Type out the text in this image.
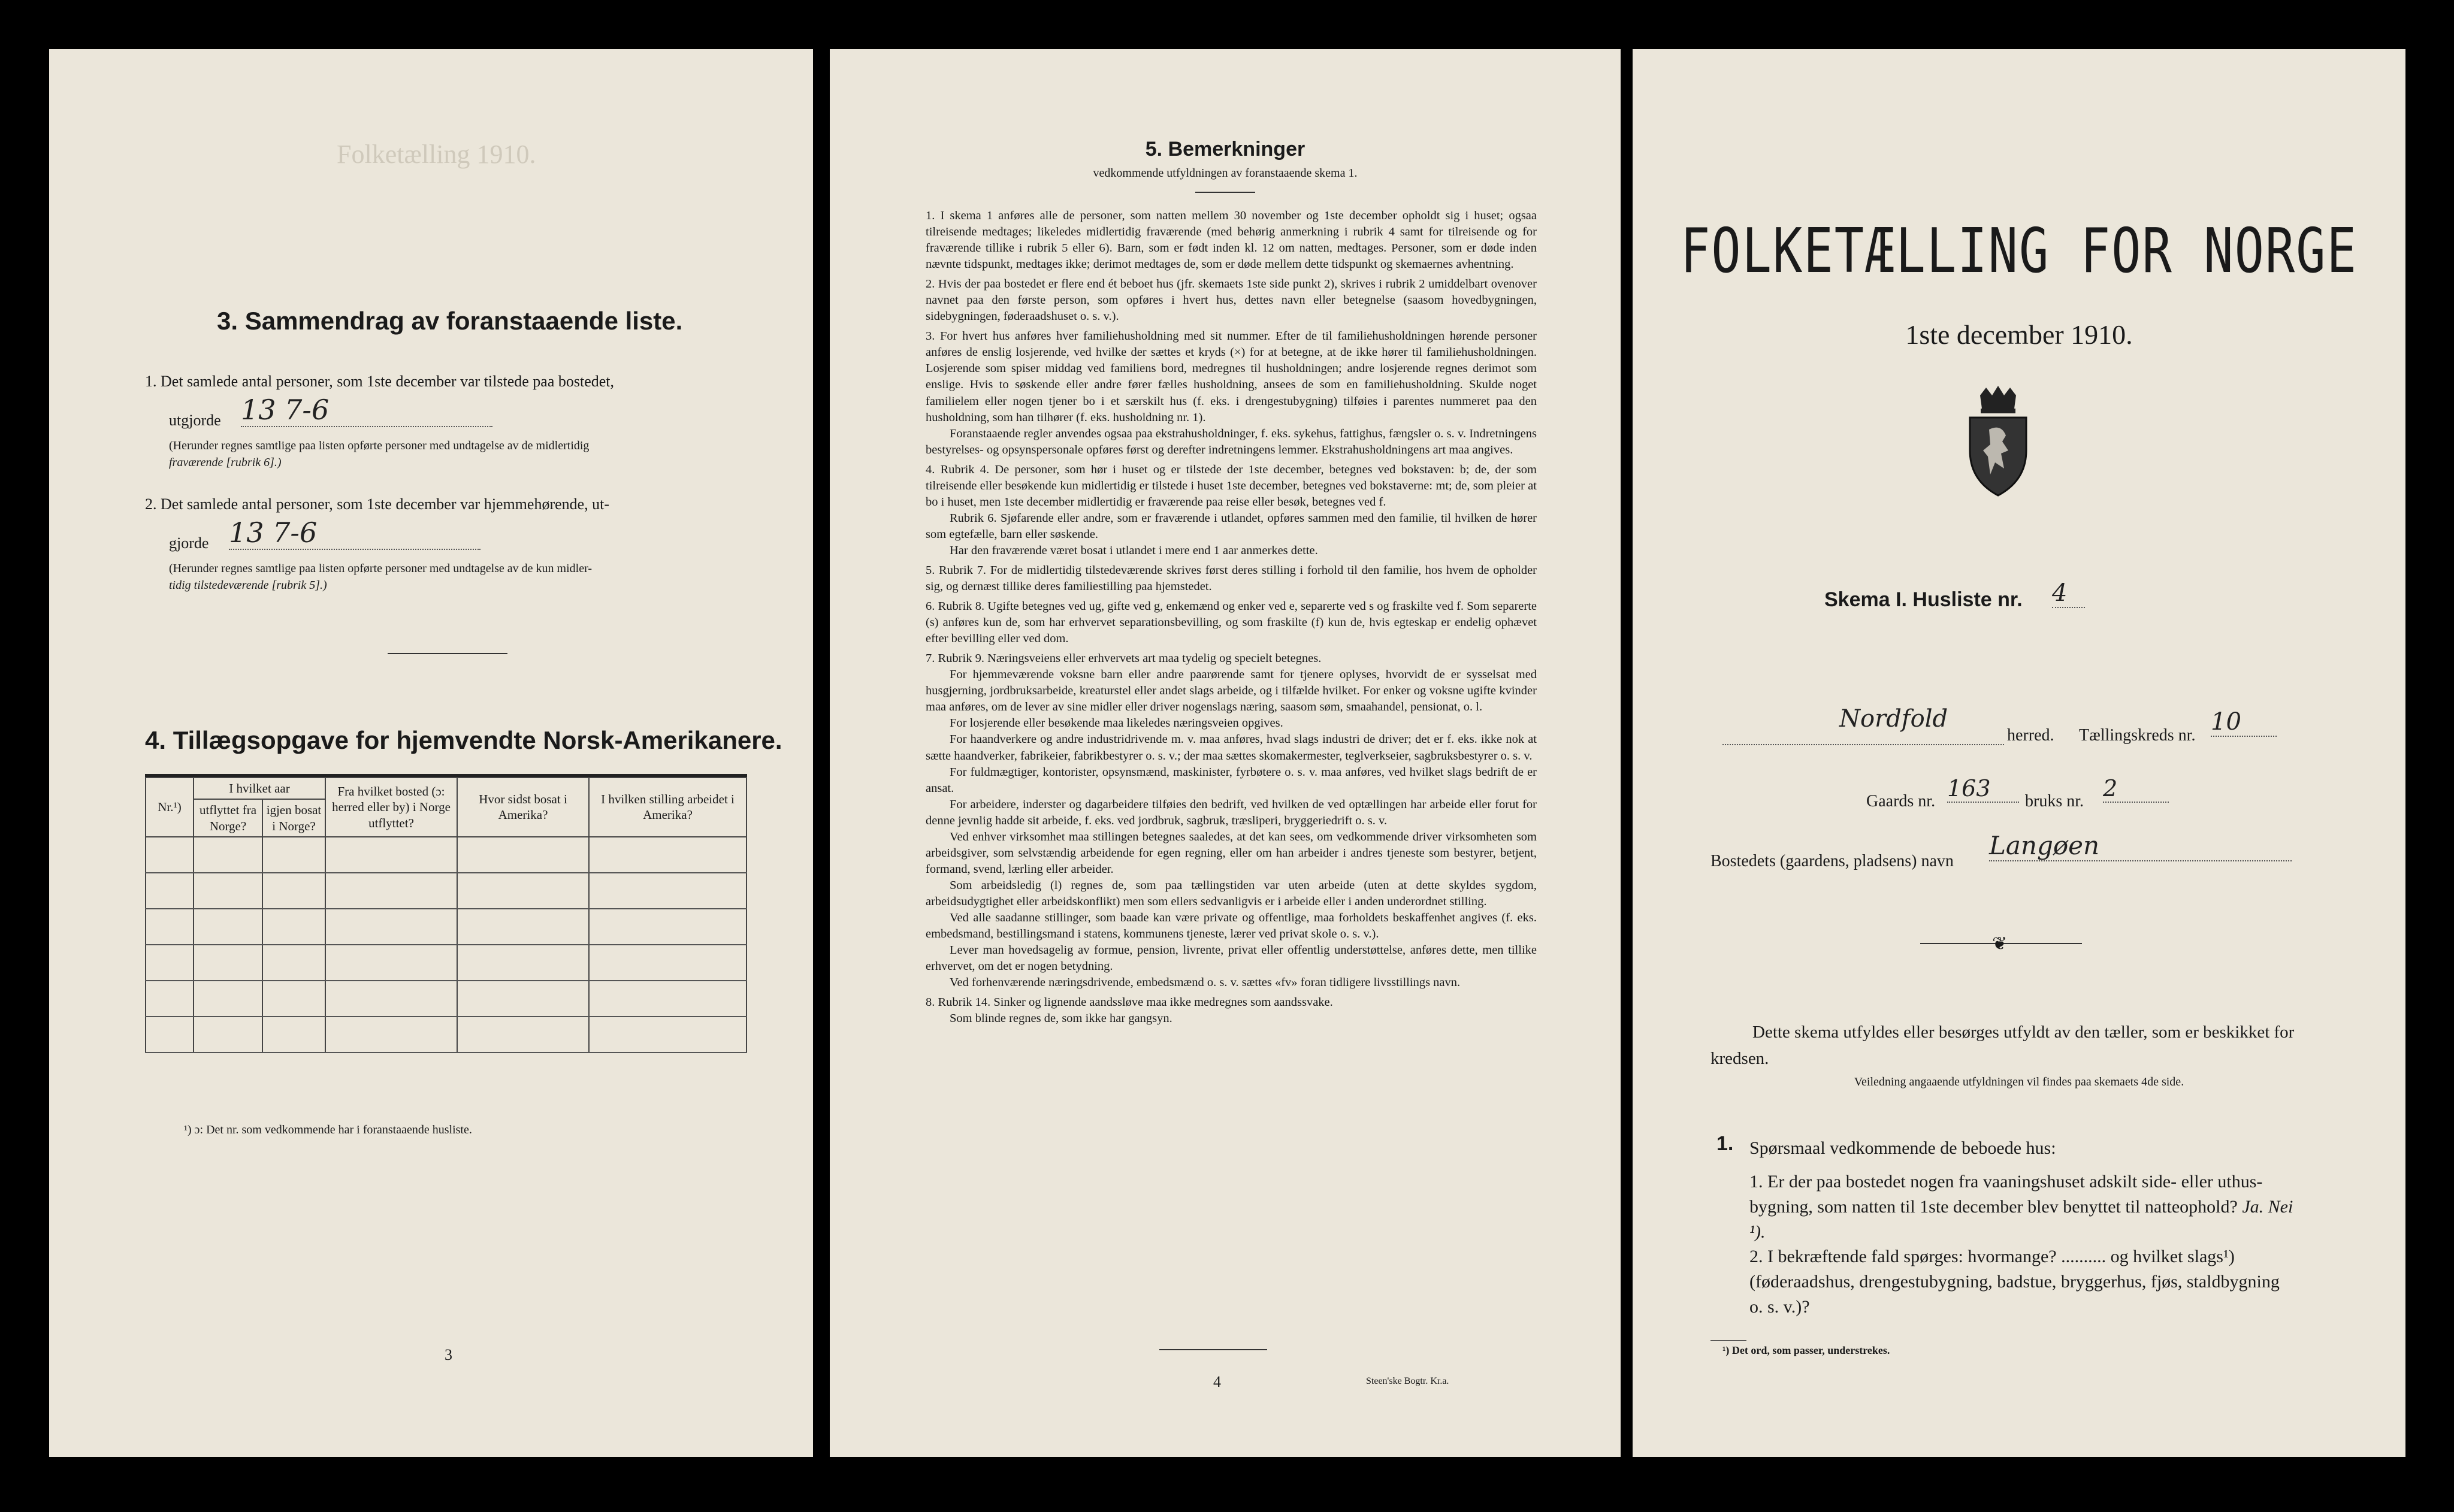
Folketælling 1910.
3. Sammendrag av foranstaaende liste.
1. Det samlede antal personer, som 1ste december var tilstede paa bostedet,
utgjorde 13 7-6
(Herunder regnes samtlige paa listen opførte personer med undtagelse av de midlertidig
fraværende [rubrik 6].)
2. Det samlede antal personer, som 1ste december var hjemmehørende, ut-
gjorde 13 7-6
(Herunder regnes samtlige paa listen opførte personer med undtagelse av de kun midler-
tidig tilstedeværende [rubrik 5].)
4. Tillægsopgave for hjemvendte Norsk-Amerikanere.
Nr.¹)	I hvilket aar		Fra hvilket bosted (ɔ: herred eller by) i Norge utflyttet?	Hvor sidst bosat i Amerika?	I hvilken stilling arbeidet i Amerika?
	utflyttet fra Norge?	igjen bosat i Norge?			

¹) ɔ: Det nr. som vedkommende har i foranstaaende husliste.
3
5. Bemerkninger
vedkommende utfyldningen av foranstaaende skema 1.
1. I skema 1 anføres alle de personer, som natten mellem 30 november og 1ste december opholdt sig i huset; ogsaa tilreisende medtages; likeledes midlertidig fraværende (med behørig anmerkning i rubrik 4 samt for tilreisende og for fraværende tillike i rubrik 5 eller 6). Barn, som er født inden kl. 12 om natten, medtages. Personer, som er døde inden nævnte tidspunkt, medtages ikke; derimot medtages de, som er døde mellem dette tidspunkt og skemaernes avhentning.
2. Hvis der paa bostedet er flere end ét beboet hus (jfr. skemaets 1ste side punkt 2), skrives i rubrik 2 umiddelbart ovenover navnet paa den første person, som opføres i hvert hus, dettes navn eller betegnelse (saasom hovedbygningen, sidebygningen, føderaadshuset o. s. v.).
3. For hvert hus anføres hver familiehusholdning med sit nummer. Efter de til familiehusholdningen hørende personer anføres de enslig losjerende, ved hvilke der sættes et kryds (×) for at betegne, at de ikke hører til familiehusholdningen. Losjerende som spiser middag ved familiens bord, medregnes til husholdningen; andre losjerende regnes derimot som enslige. Hvis to søskende eller andre fører fælles husholdning, ansees de som en familiehusholdning. Skulde noget familielem eller nogen tjener bo i et særskilt hus (f. eks. i drengestubygning) tilføies i parentes nummeret paa den husholdning, som han tilhører (f. eks. husholdning nr. 1).
Foranstaaende regler anvendes ogsaa paa ekstrahusholdninger, f. eks. sykehus, fattighus, fængsler o. s. v. Indretningens bestyrelses- og opsynspersonale opføres først og derefter indretningens lemmer. Ekstrahusholdningens art maa angives.
4. Rubrik 4. De personer, som hør i huset og er tilstede der 1ste december, betegnes ved bokstaven: b; de, der som tilreisende eller besøkende kun midlertidig er tilstede i huset 1ste december, betegnes ved bokstaverne: mt; de, som pleier at bo i huset, men 1ste december midlertidig er fraværende paa reise eller besøk, betegnes ved f.
Rubrik 6. Sjøfarende eller andre, som er fraværende i utlandet, opføres sammen med den familie, til hvilken de hører som egtefælle, barn eller søskende.
Har den fraværende været bosat i utlandet i mere end 1 aar anmerkes dette.
5. Rubrik 7. For de midlertidig tilstedeværende skrives først deres stilling i forhold til den familie, hos hvem de opholder sig, og dernæst tillike deres familiestilling paa hjemstedet.
6. Rubrik 8. Ugifte betegnes ved ug, gifte ved g, enkemænd og enker ved e, separerte ved s og fraskilte ved f. Som separerte (s) anføres kun de, som har erhvervet separationsbevilling, og som fraskilte (f) kun de, hvis egteskap er endelig ophævet efter bevilling eller ved dom.
7. Rubrik 9. Næringsveiens eller erhvervets art maa tydelig og specielt betegnes.
For hjemmeværende voksne barn eller andre paarørende samt for tjenere oplyses, hvorvidt de er sysselsat med husgjerning, jordbruksarbeide, kreaturstel eller andet slags arbeide, og i tilfælde hvilket. For enker og voksne ugifte kvinder maa anføres, om de lever av sine midler eller driver nogenslags næring, saasom søm, smaahandel, pensionat, o. l.
For losjerende eller besøkende maa likeledes næringsveien opgives.
For haandverkere og andre industridrivende m. v. maa anføres, hvad slags industri de driver; det er f. eks. ikke nok at sætte haandverker, fabrikeier, fabrikbestyrer o. s. v.; der maa sættes skomakermester, teglverkseier, sagbruksbestyrer o. s. v.
For fuldmægtiger, kontorister, opsynsmænd, maskinister, fyrbøtere o. s. v. maa anføres, ved hvilket slags bedrift de er ansat.
For arbeidere, inderster og dagarbeidere tilføies den bedrift, ved hvilken de ved optællingen har arbeide eller forut for denne jevnlig hadde sit arbeide, f. eks. ved jordbruk, sagbruk, træsliperi, bryggeriedrift o. s. v.
Ved enhver virksomhet maa stillingen betegnes saaledes, at det kan sees, om vedkommende driver virksomheten som arbeidsgiver, som selvstændig arbeidende for egen regning, eller om han arbeider i andres tjeneste som bestyrer, betjent, formand, svend, lærling eller arbeider.
Som arbeidsledig (l) regnes de, som paa tællingstiden var uten arbeide (uten at dette skyldes sygdom, arbeidsudygtighet eller arbeidskonflikt) men som ellers sedvanligvis er i arbeide eller i anden underordnet stilling.
Ved alle saadanne stillinger, som baade kan være private og offentlige, maa forholdets beskaffenhet angives (f. eks. embedsmand, bestillingsmand i statens, kommunens tjeneste, lærer ved privat skole o. s. v.).
Lever man hovedsagelig av formue, pension, livrente, privat eller offentlig understøttelse, anføres dette, men tillike erhvervet, om det er nogen betydning.
Ved forhenværende næringsdrivende, embedsmænd o. s. v. sættes «fv» foran tidligere livsstillings navn.
8. Rubrik 14. Sinker og lignende aandssløve maa ikke medregnes som aandssvake.
Som blinde regnes de, som ikke har gangsyn.
4	Steen'ske Bogtr. Kr.a.
FOLKETÆLLING FOR NORGE
1ste december 1910.
Skema I. Husliste nr. 4
Nordfold
herred. Tællingskreds nr. 10
Gaards nr. 163	bruks nr. 2
Bostedets (gaardens, pladsens) navn
Langøen
❦
Dette skema utfyldes eller besørges utfyldt av den tæller, som er beskikket for kredsen.
Veiledning angaaende utfyldningen vil findes paa skemaets 4de side.
1. Spørsmaal vedkommende de beboede hus:
1. Er der paa bostedet nogen fra vaaningshuset adskilt side- eller uthus-bygning, som natten til 1ste december blev benyttet til natteophold? Ja. Nei ¹).
2. I bekræftende fald spørges: hvormange? .......... og hvilket slags¹) (føderaadshus, drengestubygning, badstue, bryggerhus, fjøs, staldbygning o. s. v.)?
¹) Det ord, som passer, understrekes.
